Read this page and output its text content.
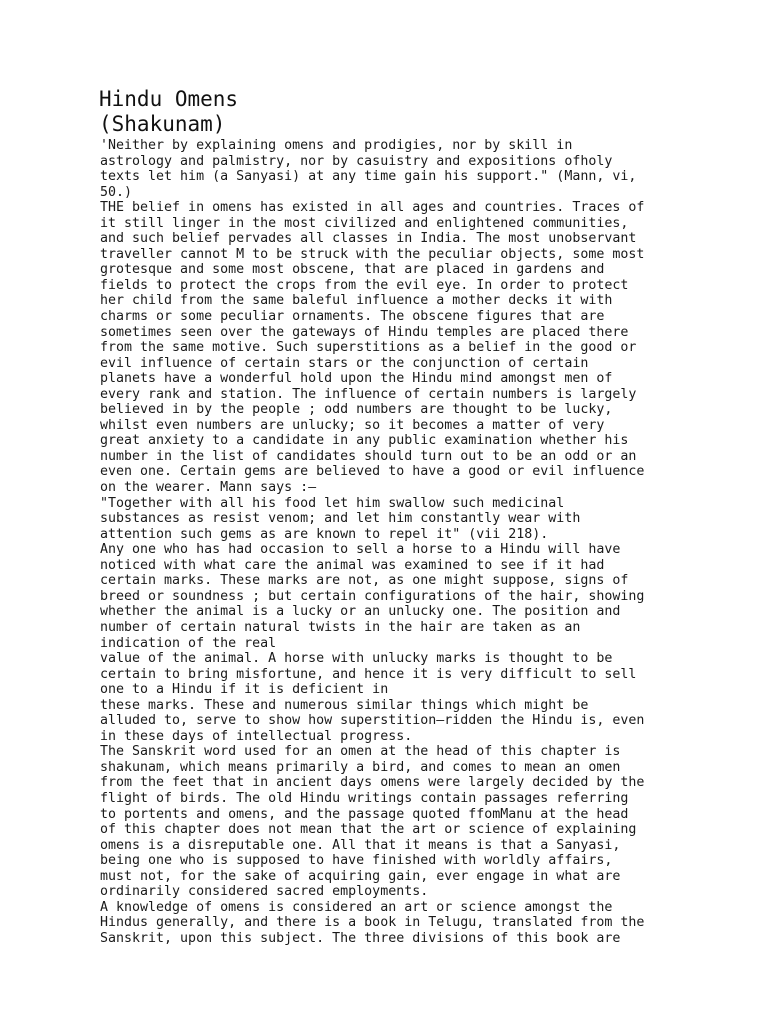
Hindu Omens
(Shakunam)
'Neither by explaining omens and prodigies, nor by skill in
astrology and palmistry, nor by casuistry and expositions ofholy
texts let him (a Sanyasi) at any time gain his support." (Mann, vi,
50.)
THE belief in omens has existed in all ages and countries. Traces of
it still linger in the most civilized and enlightened communities,
and such belief pervades all classes in India. The most unobservant
traveller cannot M to be struck with the peculiar objects, some most
grotesque and some most obscene, that are placed in gardens and
fields to protect the crops from the evil eye. In order to protect
her child from the same baleful influence a mother decks it with
charms or some peculiar ornaments. The obscene figures that are
sometimes seen over the gateways of Hindu temples are placed there
from the same motive. Such superstitions as a belief in the good or
evil influence of certain stars or the conjunction of certain
planets have a wonderful hold upon the Hindu mind amongst men of
every rank and station. The influence of certain numbers is largely
believed in by the people ; odd numbers are thought to be lucky,
whilst even numbers are unlucky; so it becomes a matter of very
great anxiety to a candidate in any public examination whether his
number in the list of candidates should turn out to be an odd or an
even one. Certain gems are believed to have a good or evil influence
on the wearer. Mann says :—
"Together with all his food let him swallow such medicinal
substances as resist venom; and let him constantly wear with
attention such gems as are known to repel it" (vii 218).
Any one who has had occasion to sell a horse to a Hindu will have
noticed with what care the animal was examined to see if it had
certain marks. These marks are not, as one might suppose, signs of
breed or soundness ; but certain configurations of the hair, showing
whether the animal is a lucky or an unlucky one. The position and
number of certain natural twists in the hair are taken as an
indication of the real
value of the animal. A horse with unlucky marks is thought to be
certain to bring misfortune, and hence it is very difficult to sell
one to a Hindu if it is deficient in
these marks. These and numerous similar things which might be
alluded to, serve to show how superstition—ridden the Hindu is, even
in these days of intellectual progress.
The Sanskrit word used for an omen at the head of this chapter is
shakunam, which means primarily a bird, and comes to mean an omen
from the feet that in ancient days omens were largely decided by the
flight of birds. The old Hindu writings contain passages referring
to portents and omens, and the passage quoted ffomManu at the head
of this chapter does not mean that the art or science of explaining
omens is a disreputable one. All that it means is that a Sanyasi,
being one who is supposed to have finished with worldly affairs,
must not, for the sake of acquiring gain, ever engage in what are
ordinarily considered sacred employments.
A knowledge of omens is considered an art or science amongst the
Hindus generally, and there is a book in Telugu, translated from the
Sanskrit, upon this subject. The three divisions of this book are
